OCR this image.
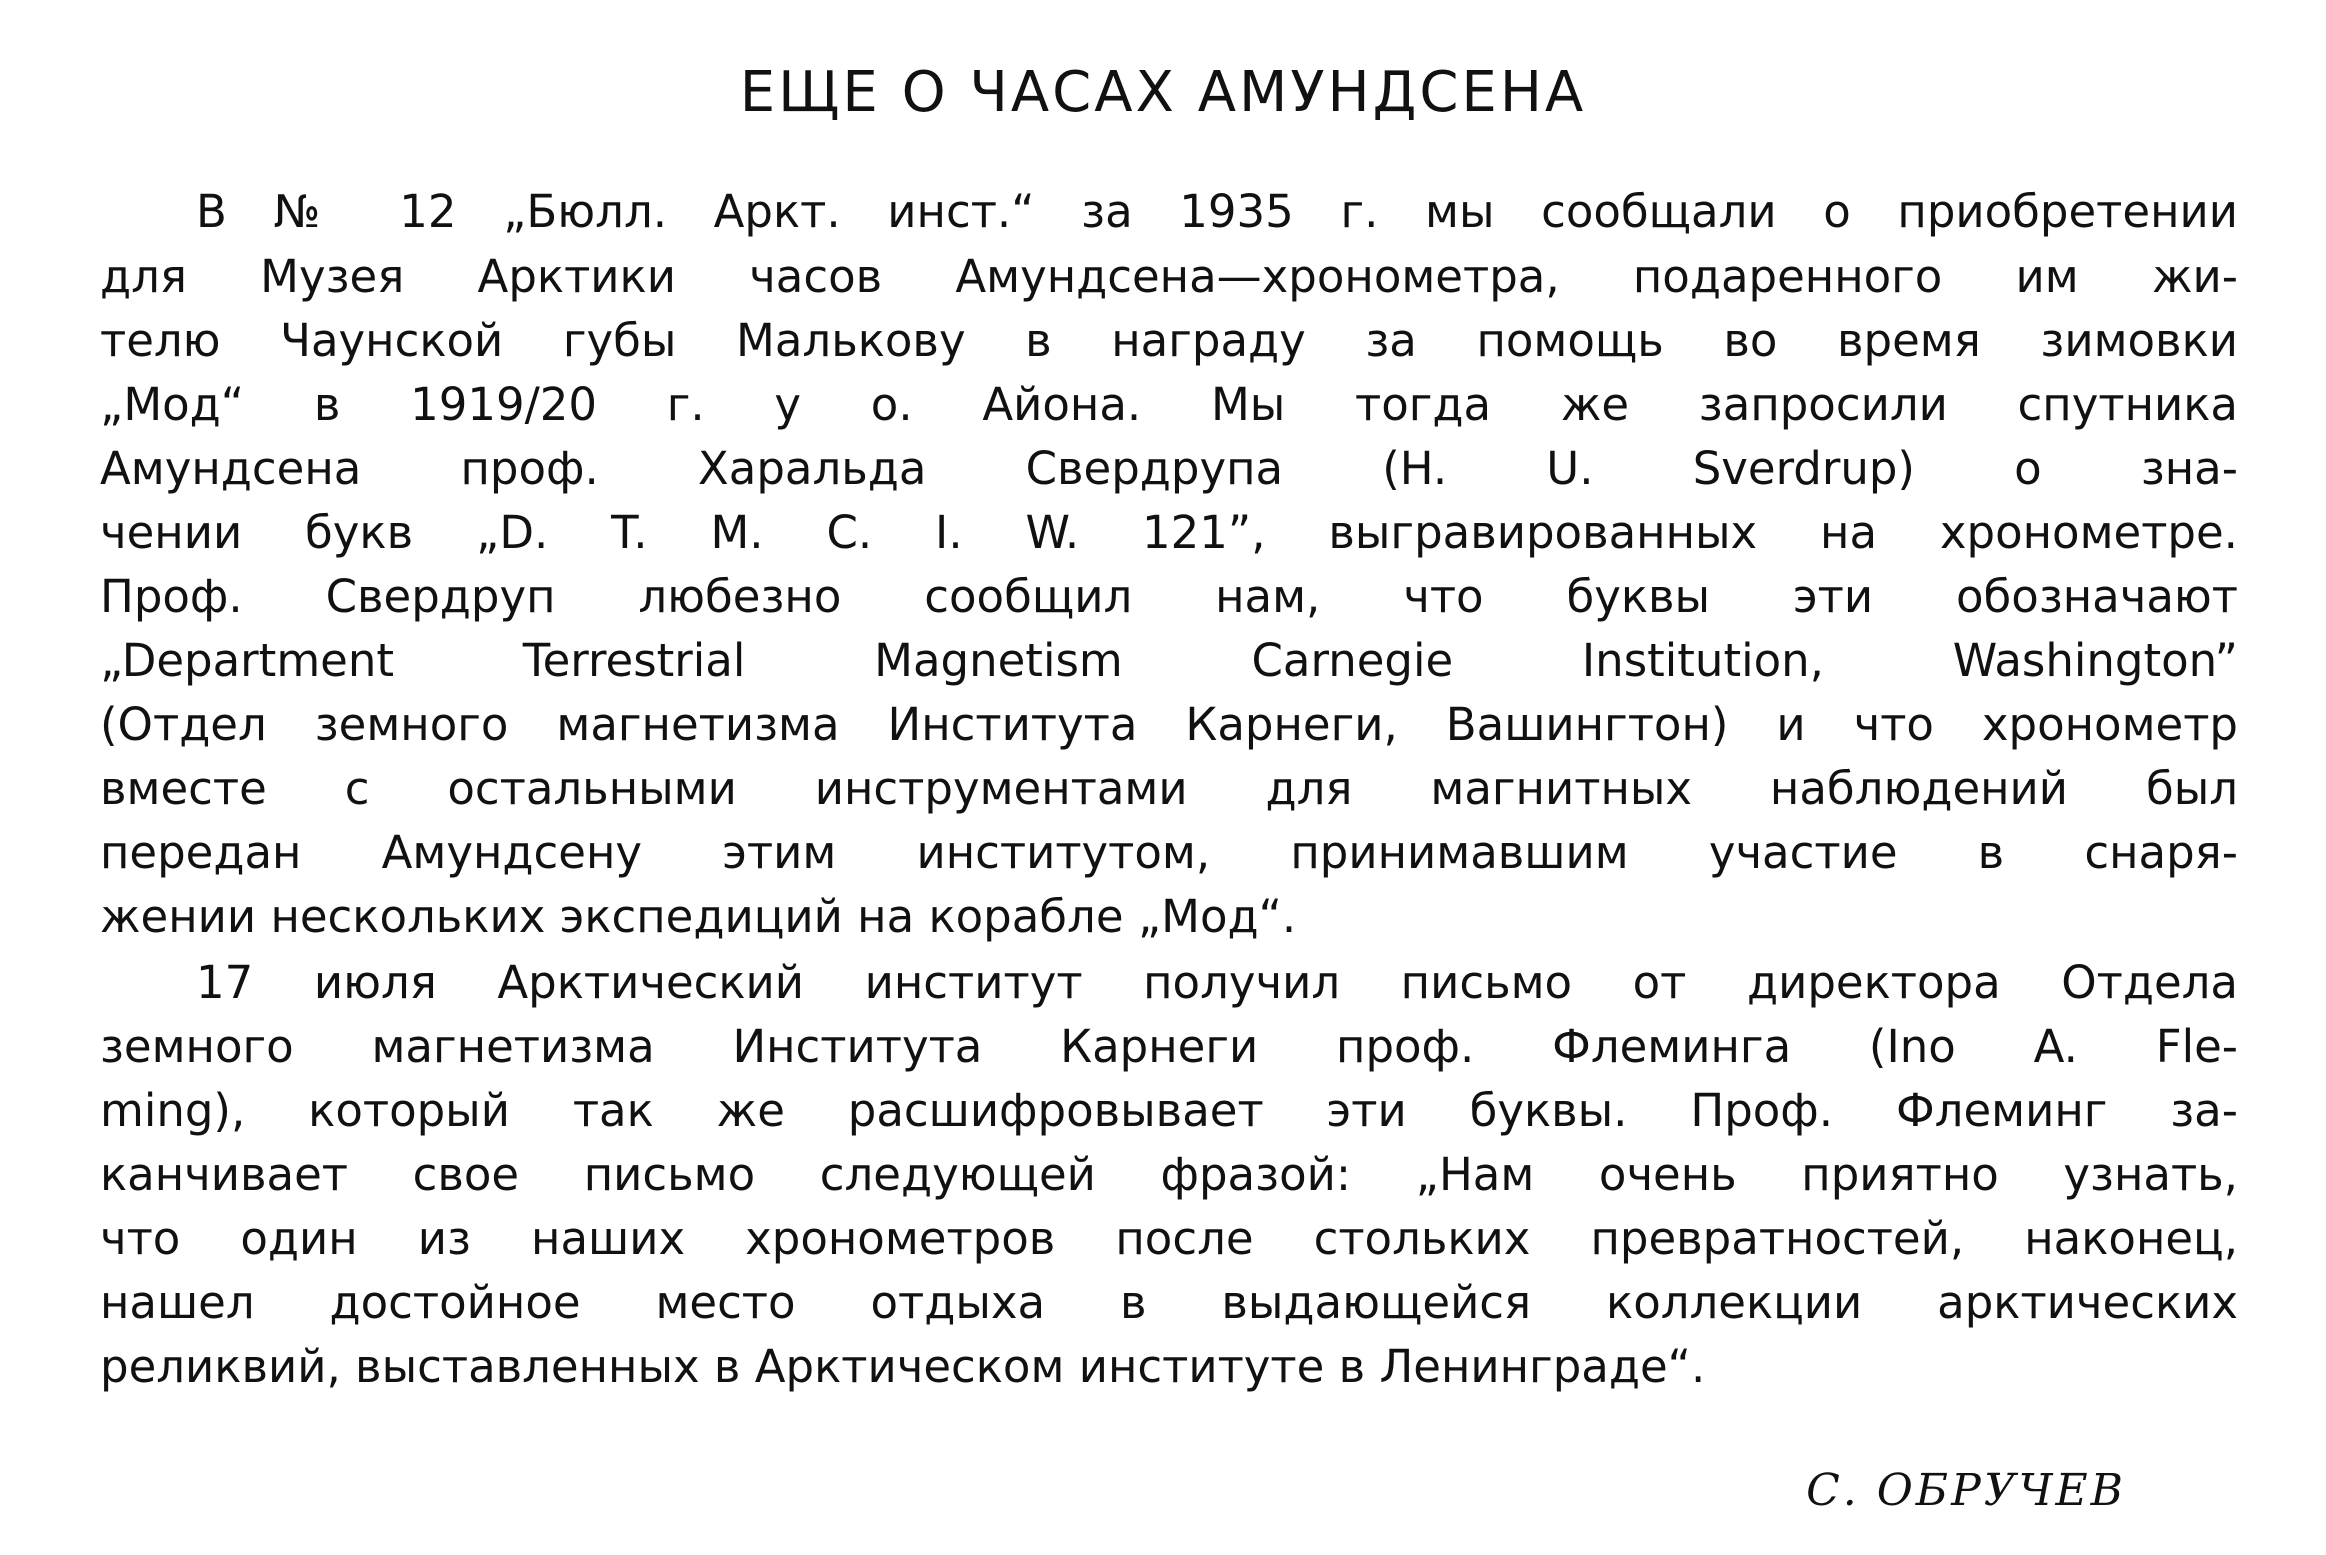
ЕЩЕ О ЧАСАХ АМУНДСЕНА

В № 12 „Бюлл. Аркт. инст.“ за 1935 г. мы сообщали о приобретении

для Музея Арктики часов Амундсена—хронометра, подаренного им жи-

телю Чаунской губы Малькову в награду за помощь во время зимовки

„Мод“ в 1919/20 г. у о. Айона. Мы тогда же запросили спутника

Амундсена проф. Харальда Свердрупа (H. U. Sverdrup) о зна-

чении букв „D. T. M. C. I. W. 121”, выгравированных на хронометре.

Проф. Свердруп любезно сообщил нам, что буквы эти обозначают

„Department Terrestrial Magnetism Carnegie Institution, Washington”

(Отдел земного магнетизма Института Карнеги, Вашингтон) и что хронометр

вместе с остальными инструментами для магнитных наблюдений был

передан Амундсену этим институтом, принимавшим участие в снаря-

жении нескольких экспедиций на корабле „Мод“.

17 июля Арктический институт получил письмо от директора Отдела

земного магнетизма Института Карнеги проф. Флеминга (Ino A. Fle-

ming), который так же расшифровывает эти буквы. Проф. Флеминг за-

канчивает свое письмо следующей фразой: „Нам очень приятно узнать,

что один из наших хронометров после стольких превратностей, наконец,

нашел достойное место отдыха в выдающейся коллекции арктических

реликвий, выставленных в Арктическом институте в Ленинграде“.

С. ОБРУЧЕВ
